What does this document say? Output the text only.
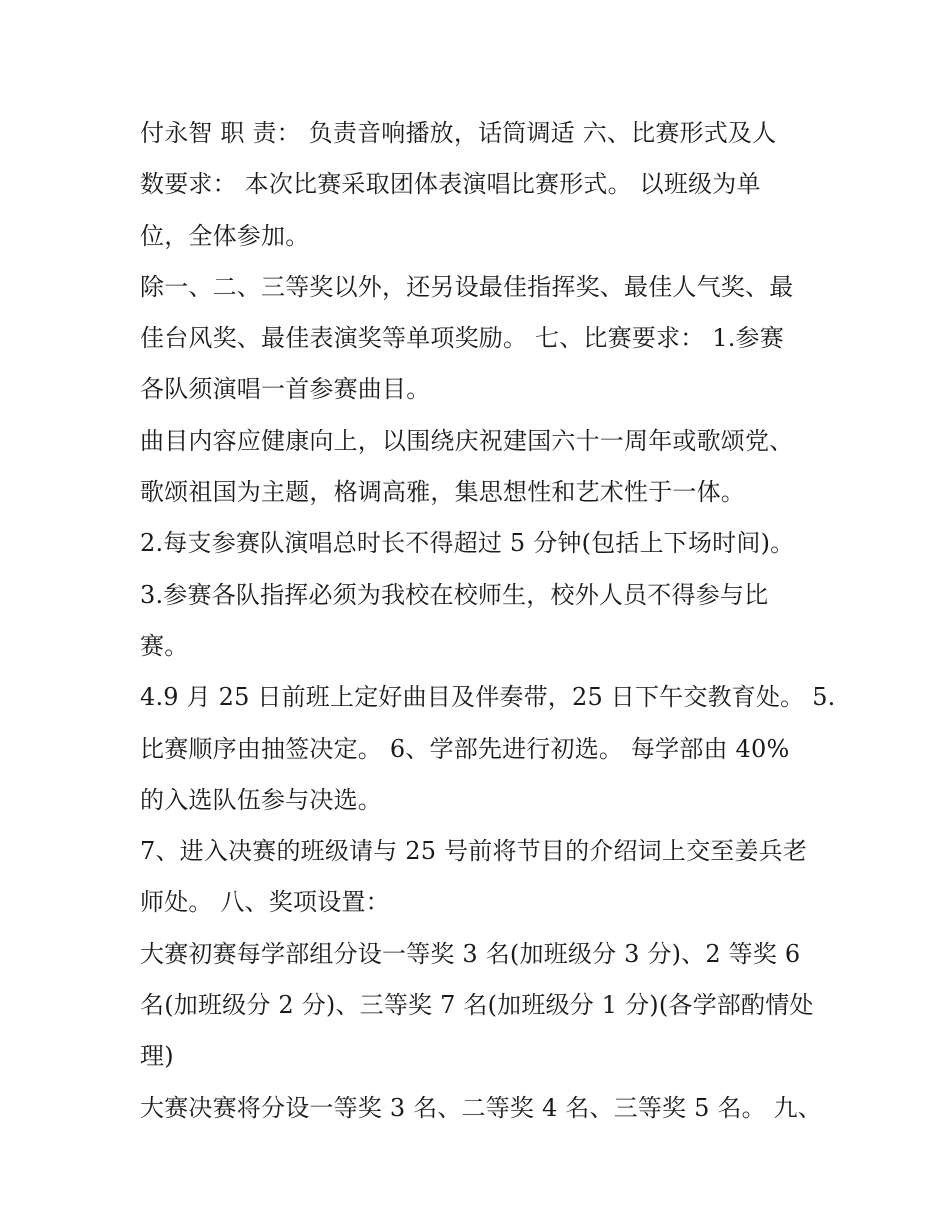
付永智 职 责： 负责音响播放，话筒调适 六、比赛形式及人
数要求： 本次比赛采取团体表演唱比赛形式。 以班级为单
位，全体参加。
除一、二、三等奖以外，还另设最佳指挥奖、最佳人气奖、最
佳台风奖、最佳表演奖等单项奖励。 七、比赛要求： 1.参赛
各队须演唱一首参赛曲目。
曲目内容应健康向上，以围绕庆祝建国六十一周年或歌颂党、
歌颂祖国为主题，格调高雅，集思想性和艺术性于一体。
2.每支参赛队演唱总时长不得超过 5 分钟(包括上下场时间)。
3.参赛各队指挥必须为我校在校师生，校外人员不得参与比
赛。
4.9 月 25 日前班上定好曲目及伴奏带，25 日下午交教育处。 5.
比赛顺序由抽签决定。 6、学部先进行初选。 每学部由 40%
的入选队伍参与决选。
7、进入决赛的班级请与 25 号前将节目的介绍词上交至姜兵老
师处。 八、奖项设置：
大赛初赛每学部组分设一等奖 3 名(加班级分 3 分)、2 等奖 6
名(加班级分 2 分)、三等奖 7 名(加班级分 1 分)(各学部酌情处
理)
大赛决赛将分设一等奖 3 名、二等奖 4 名、三等奖 5 名。 九、
